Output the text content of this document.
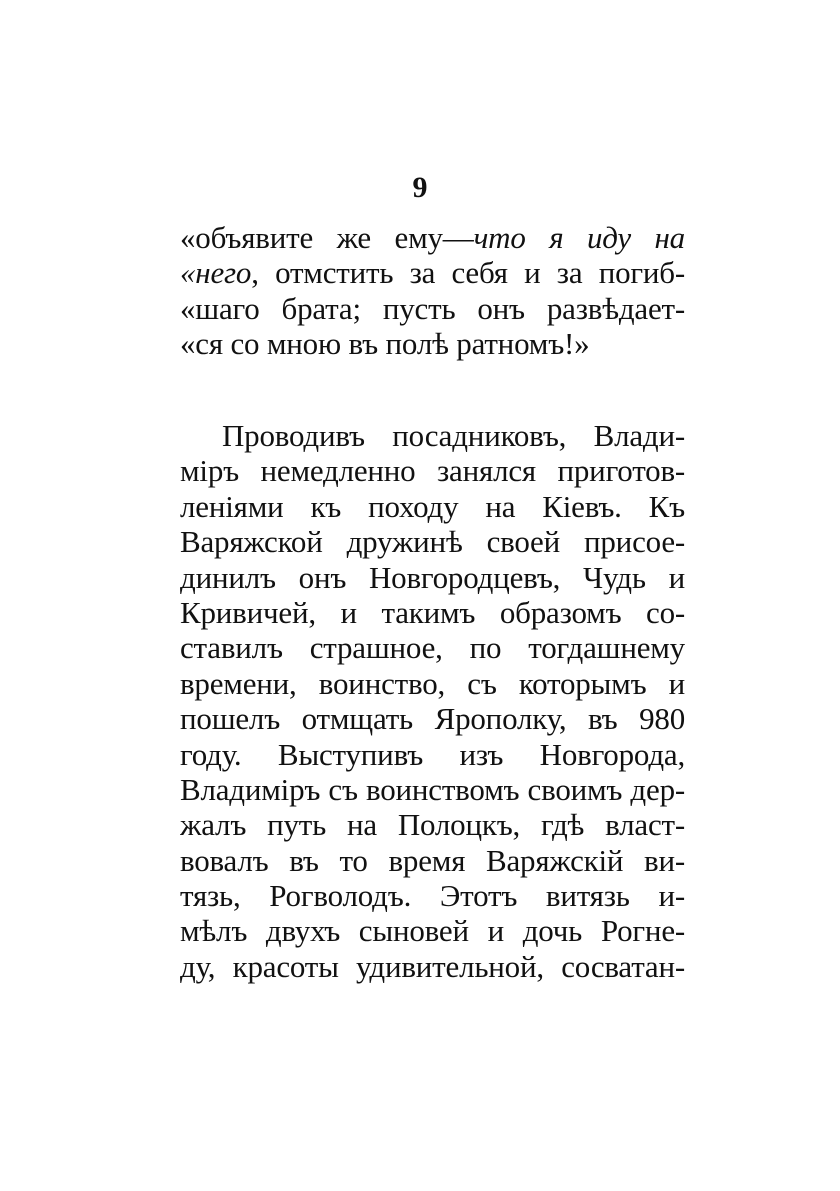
9
«объявите же ему—что я иду на
«него, отмстить за себя и за погиб-
«шаго брата; пусть онъ развѣдает-
«ся со мною въ полѣ ратномъ!»
Проводивъ посадниковъ, Влади-
міръ немедленно занялся приготов-
леніями къ походу на Кіевъ. Къ
Варяжской дружинѣ своей присое-
динилъ онъ Новгородцевъ, Чудь и
Кривичей, и такимъ образомъ со-
ставилъ страшное, по тогдашнему
времени, воинство, съ которымъ и
пошелъ отмщать Ярополку, въ 980
году. Выступивъ изъ Новгорода,
Владиміръ съ воинствомъ своимъ дер-
жалъ путь на Полоцкъ, гдѣ власт-
вовалъ въ то время Варяжскій ви-
тязь, Рогволодъ. Этотъ витязь и-
мѣлъ двухъ сыновей и дочь Рогне-
ду, красоты удивительной, сосватан-
